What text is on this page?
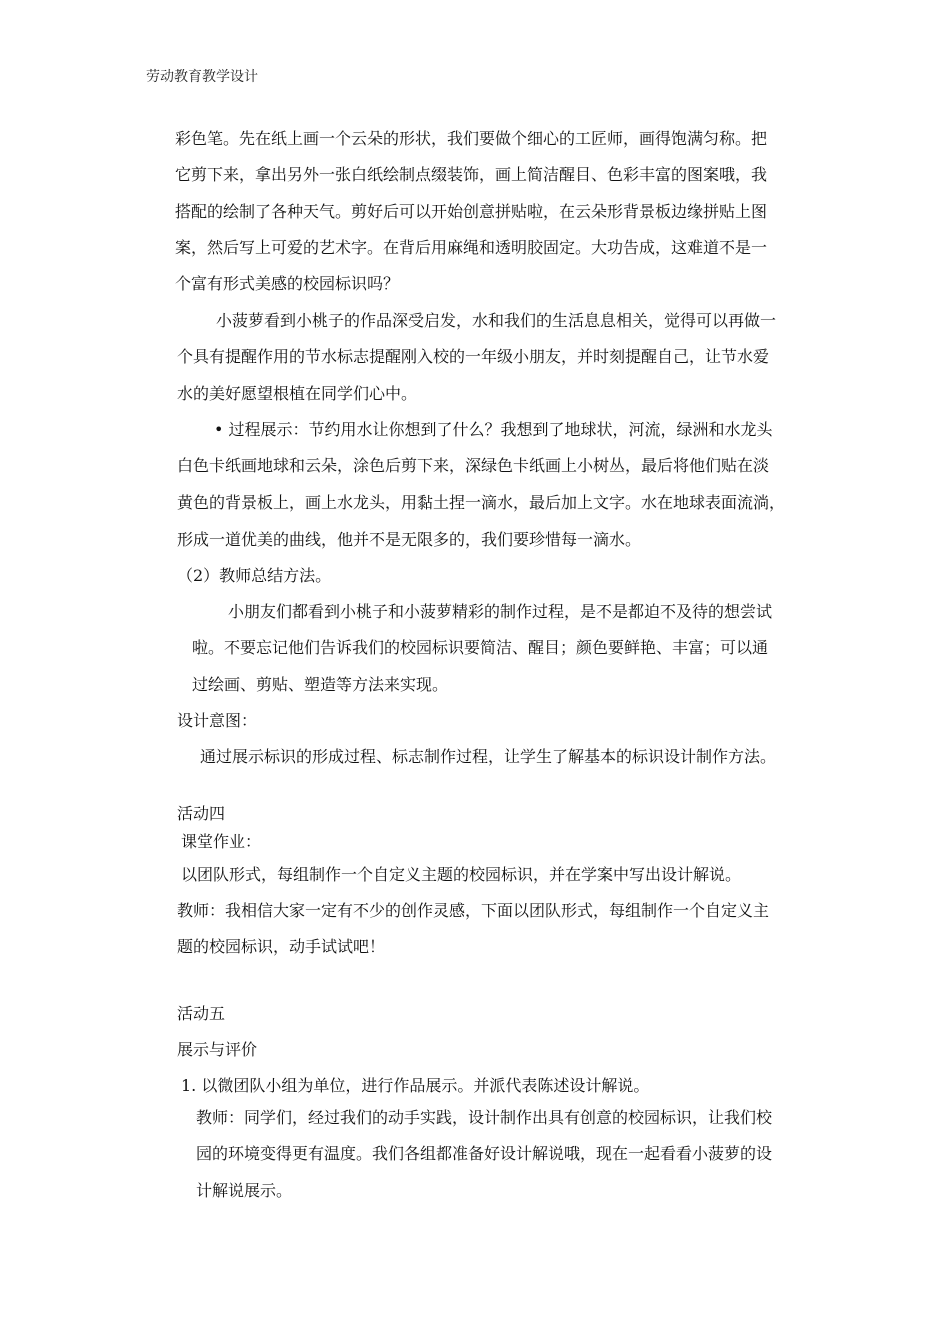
劳动教育教学设计
彩色笔。先在纸上画一个云朵的形状，我们要做个细心的工匠师，画得饱满匀称。把
它剪下来，拿出另外一张白纸绘制点缀装饰，画上简洁醒目、色彩丰富的图案哦，我
搭配的绘制了各种天气。剪好后可以开始创意拼贴啦，在云朵形背景板边缘拼贴上图
案，然后写上可爱的艺术字。在背后用麻绳和透明胶固定。大功告成，这难道不是一
个富有形式美感的校园标识吗？
小菠萝看到小桃子的作品深受启发，水和我们的生活息息相关，觉得可以再做一
个具有提醒作用的节水标志提醒刚入校的一年级小朋友，并时刻提醒自己，让节水爱
水的美好愿望根植在同学们心中。
• 过程展示：节约用水让你想到了什么？我想到了地球状，河流，绿洲和水龙头
白色卡纸画地球和云朵，涂色后剪下来，深绿色卡纸画上小树丛，最后将他们贴在淡
黄色的背景板上，画上水龙头，用黏土捏一滴水，最后加上文字。水在地球表面流淌，
形成一道优美的曲线，他并不是无限多的，我们要珍惜每一滴水。
（2）教师总结方法。
小朋友们都看到小桃子和小菠萝精彩的制作过程，是不是都迫不及待的想尝试
啦。不要忘记他们告诉我们的校园标识要简洁、醒目；颜色要鲜艳、丰富；可以通
过绘画、剪贴、塑造等方法来实现。
设计意图：
通过展示标识的形成过程、标志制作过程，让学生了解基本的标识设计制作方法。
活动四
课堂作业：
以团队形式，每组制作一个自定义主题的校园标识，并在学案中写出设计解说。
教师：我相信大家一定有不少的创作灵感，下面以团队形式，每组制作一个自定义主
题的校园标识，动手试试吧！
活动五
展示与评价
1. 以微团队小组为单位，进行作品展示。并派代表陈述设计解说。
教师：同学们，经过我们的动手实践，设计制作出具有创意的校园标识，让我们校
园的环境变得更有温度。我们各组都准备好设计解说哦，现在一起看看小菠萝的设
计解说展示。
